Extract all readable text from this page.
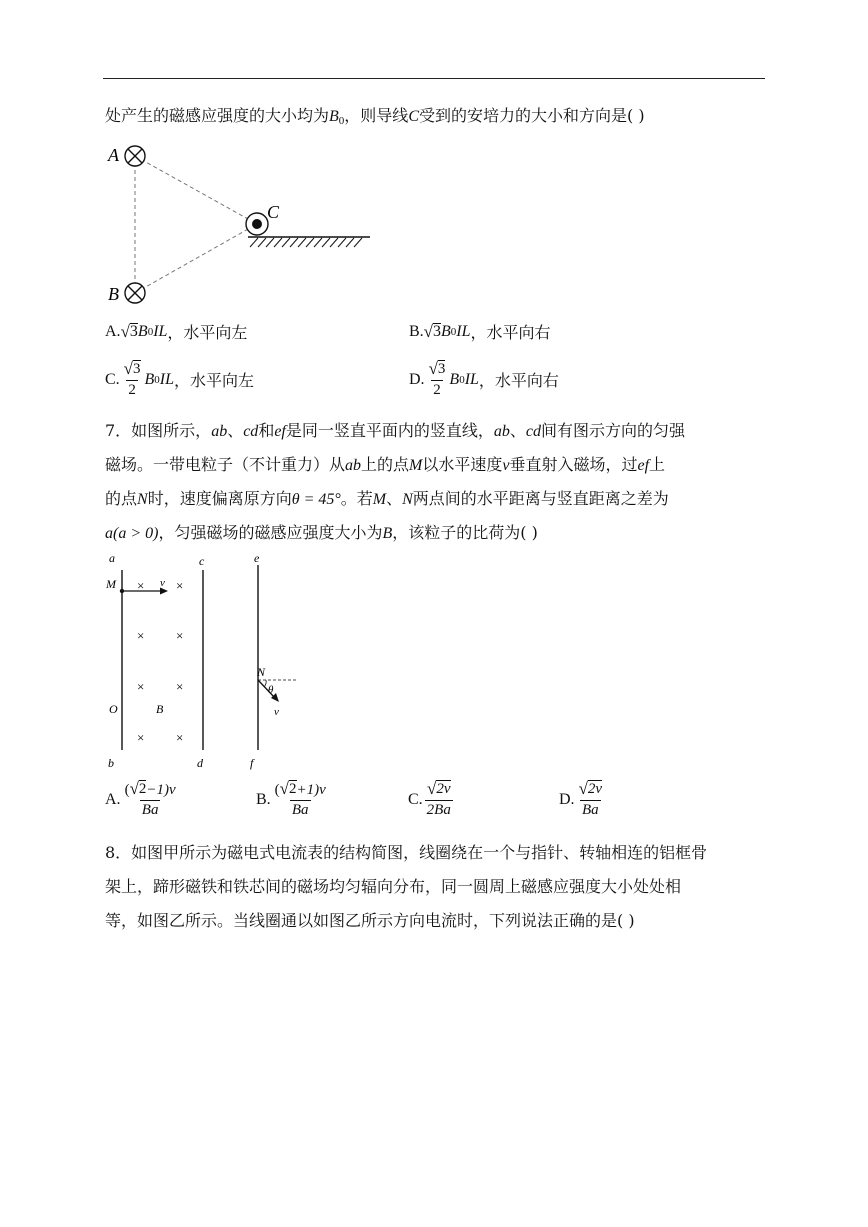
处产生的磁感应强度的大小均为$B_0$，则导线C受到的安培力的大小和方向是( )
A
B
C
A. √ 3 B 0 IL ，水平向左	B. √ 3 B 0 IL ，水平向右
C. $\frac{√ 3}{2}$ B 0 IL ，水平向左	D. $\frac{√ 3}{2}$ B 0 IL ，水平向右
7．如图所示，ab、cd和ef是同一竖直平面内的竖直线，ab、cd间有图示方向的匀强
磁场。一带电粒子（不计重力）从ab上的点M以水平速度v垂直射入磁场，过ef上
的点N时，速度偏离原方向θ = 45°。若M、N两点间的水平距离与竖直距离之差为
a(a > 0)，匀强磁场的磁感应强度大小为B，该粒子的比荷为( )
a
b
c
d
e
f
M	v
O	B
× ×
× ×
× ×
× ×
N
θ
v
A. $\frac{( √ 2 -1)v}{Ba}$	B. $\frac{( √ 2 +1)v}{Ba}$	C. $\frac{√ 2v}{2Ba}$	D. $\frac{√ 2v}{Ba}$
8．如图甲所示为磁电式电流表的结构简图，线圈绕在一个与指针、转轴相连的铝框骨
架上，蹄形磁铁和铁芯间的磁场均匀辐向分布，同一圆周上磁感应强度大小处处相
等，如图乙所示。当线圈通以如图乙所示方向电流时，下列说法正确的是( )
